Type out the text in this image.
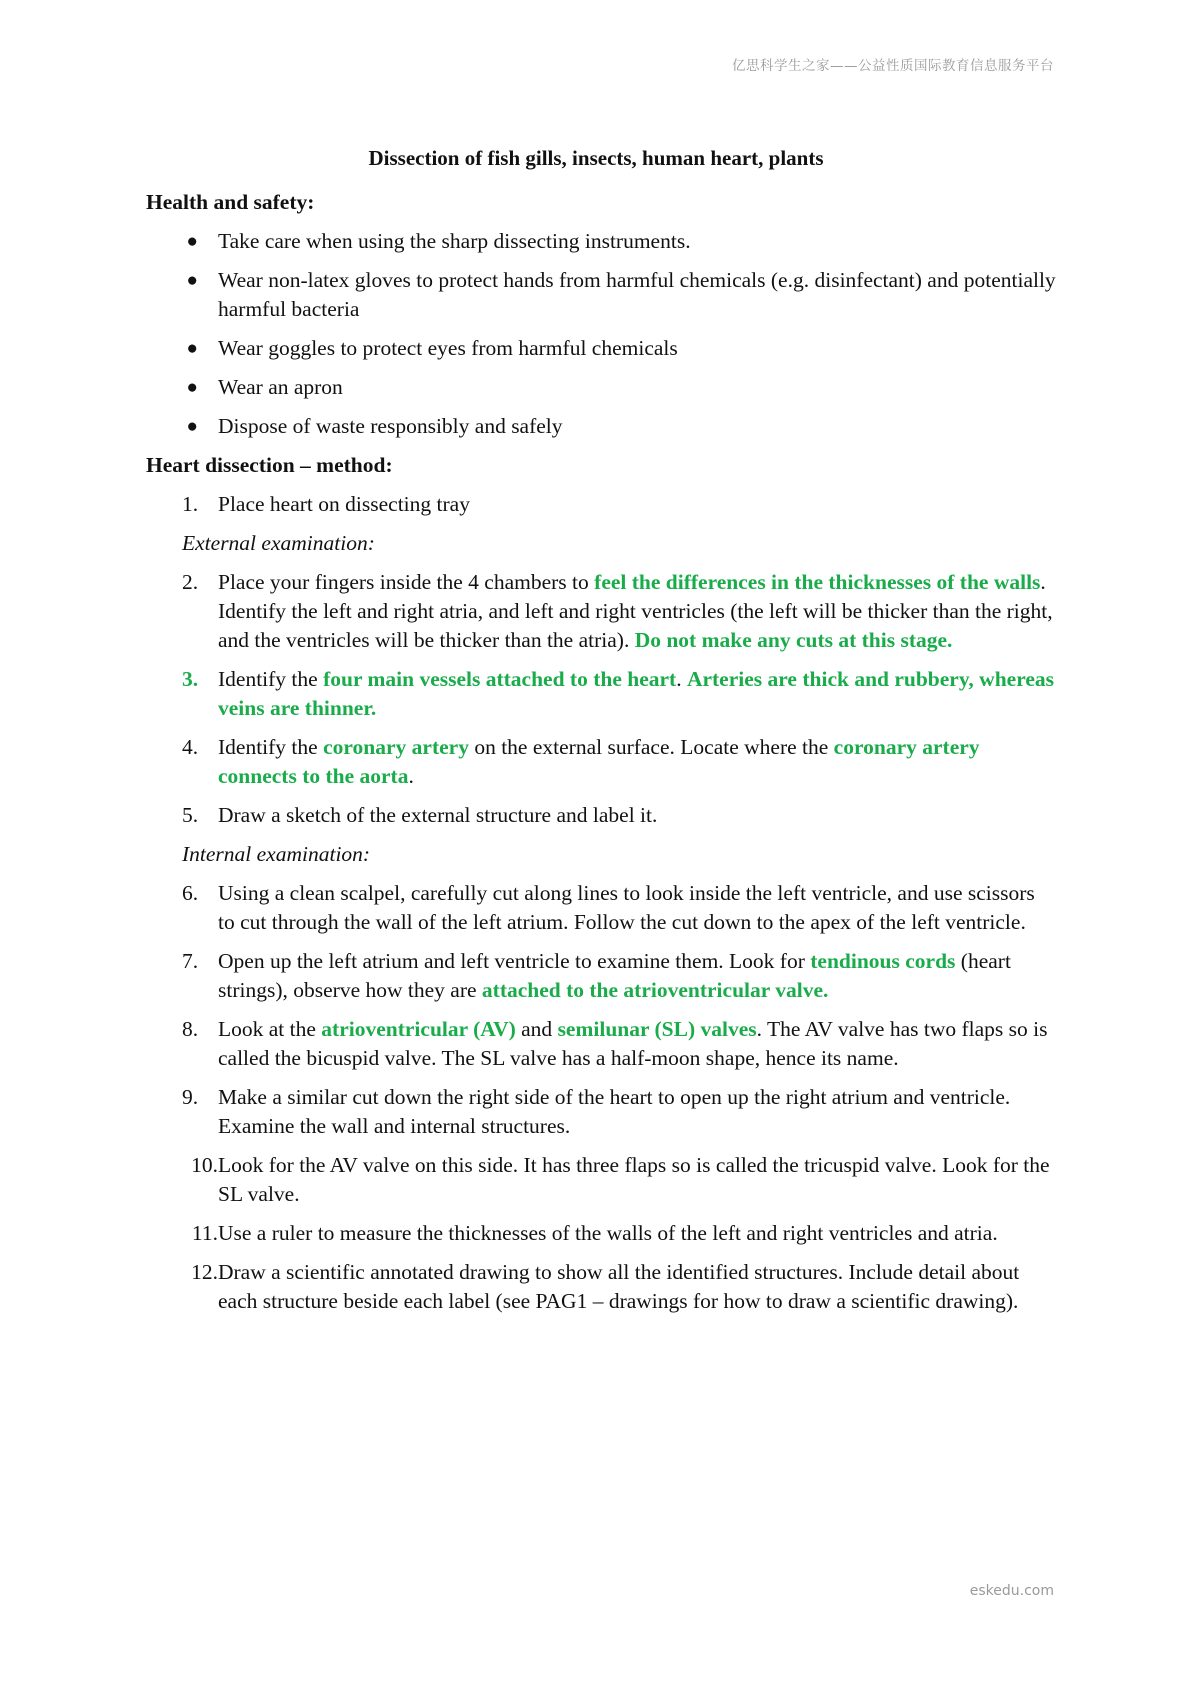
亿思科学生之家——公益性质国际教育信息服务平台
Dissection of fish gills, insects, human heart, plants
Health and safety:
● Take care when using the sharp dissecting instruments.
● Wear non-latex gloves to protect hands from harmful chemicals (e.g. disinfectant) and potentially harmful bacteria
● Wear goggles to protect eyes from harmful chemicals
● Wear an apron
● Dispose of waste responsibly and safely
Heart dissection – method:
1. Place heart on dissecting tray
External examination:
2. Place your fingers inside the 4 chambers to feel the differences in the thicknesses of the walls. Identify the left and right atria, and left and right ventricles (the left will be thicker than the right, and the ventricles will be thicker than the atria). Do not make any cuts at this stage.
3. Identify the four main vessels attached to the heart. Arteries are thick and rubbery, whereas veins are thinner.
4. Identify the coronary artery on the external surface. Locate where the coronary artery connects to the aorta.
5. Draw a sketch of the external structure and label it.
Internal examination:
6. Using a clean scalpel, carefully cut along lines to look inside the left ventricle, and use scissors to cut through the wall of the left atrium. Follow the cut down to the apex of the left ventricle.
7. Open up the left atrium and left ventricle to examine them. Look for tendinous cords (heart strings), observe how they are attached to the atrioventricular valve.
8. Look at the atrioventricular (AV) and semilunar (SL) valves. The AV valve has two flaps so is called the bicuspid valve. The SL valve has a half-moon shape, hence its name.
9. Make a similar cut down the right side of the heart to open up the right atrium and ventricle. Examine the wall and internal structures.
10. Look for the AV valve on this side. It has three flaps so is called the tricuspid valve. Look for the SL valve.
11. Use a ruler to measure the thicknesses of the walls of the left and right ventricles and atria.
12. Draw a scientific annotated drawing to show all the identified structures. Include detail about each structure beside each label (see PAG1 – drawings for how to draw a scientific drawing).
eskedu.com
